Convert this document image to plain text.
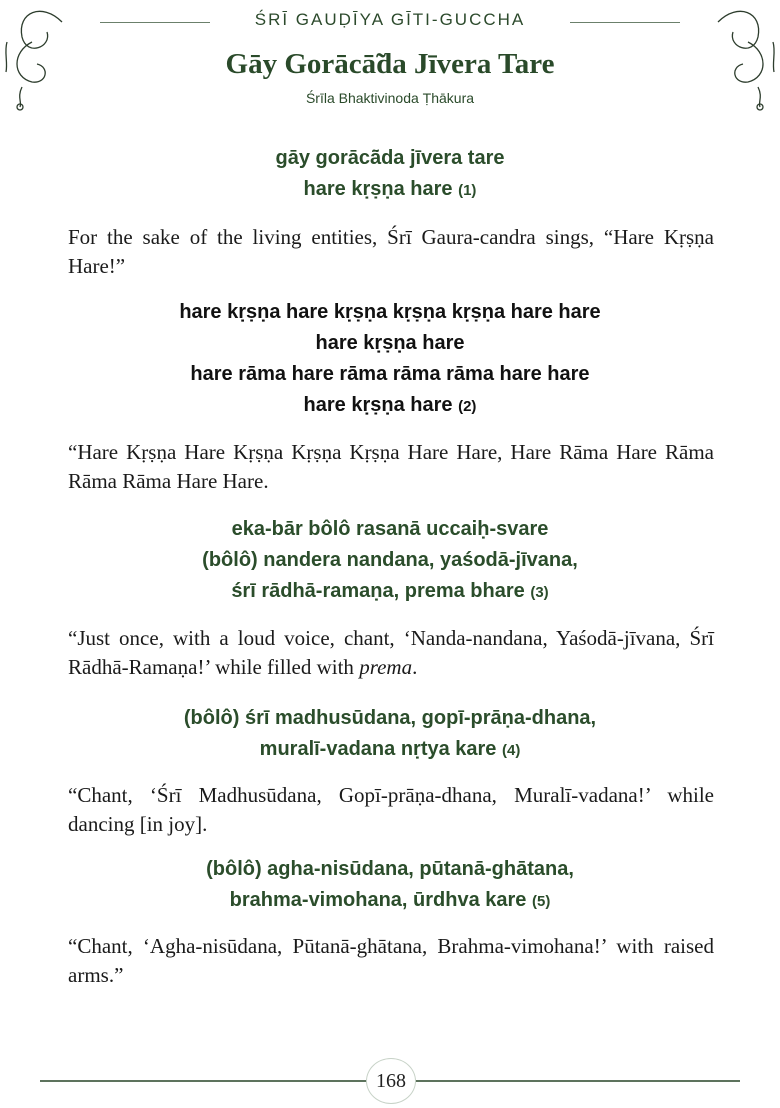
ŚRĪ GAUḌĪYA GĪTI-GUCCHA
Gāy Gorācā̃da Jīvera Tare
Śrīla Bhaktivinoda Ṭhākura
gāy gorācā̃da jīvera tare
hare kṛṣṇa hare (1)
For the sake of the living entities, Śrī Gaura-candra sings, “Hare Kṛṣṇa Hare!”
hare kṛṣṇa hare kṛṣṇa kṛṣṇa kṛṣṇa hare hare
hare kṛṣṇa hare
hare rāma hare rāma rāma rāma hare hare
hare kṛṣṇa hare (2)
“Hare Kṛṣṇa Hare Kṛṣṇa Kṛṣṇa Kṛṣṇa Hare Hare, Hare Rāma Hare Rāma Rāma Rāma Hare Hare.
eka-bār bôlô rasanā uccaiḥ-svare
(bôlô) nandera nandana, yaśodā-jīvana,
śrī rādhā-ramaṇa, prema bhare (3)
“Just once, with a loud voice, chant, ‘Nanda-nandana, Yaśodā-jīvana, Śrī Rādhā-Ramaṇa!’ while filled with prema.
(bôlô) śrī madhusūdana, gopī-prāṇa-dhana,
muralī-vadana nṛtya kare (4)
“Chant, ‘Śrī Madhusūdana, Gopī-prāṇa-dhana, Muralī-vadana!’ while dancing [in joy].
(bôlô) agha-nisūdana, pūtanā-ghātana,
brahma-vimohana, ūrdhva kare (5)
“Chant, ‘Agha-nisūdana, Pūtanā-ghātana, Brahma-vimohana!’ with raised arms.”
168
